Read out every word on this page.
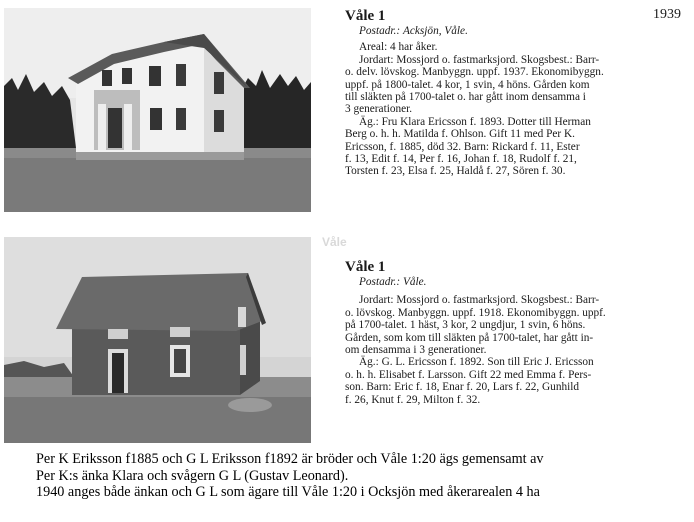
Våle
Våle 1	1939
Postadr.: Acksjön, Våle.
Areal: 4 har åker.
Jordart: Mossjord o. fastmarksjord. Skogsbest.: Barr-
o. delv. lövskog. Manbyggn. uppf. 1937. Ekonomibyggn.
uppf. på 1800-talet. 4 kor, 1 svin, 4 höns. Gården kom
till släkten på 1700-talet o. har gått inom densamma i
3 generationer.
Äg.: Fru Klara Ericsson f. 1893. Dotter till Herman
Berg o. h. h. Matilda f. Ohlson. Gift 11 med Per K.
Ericsson, f. 1885, död 32. Barn: Rickard f. 11, Ester
f. 13, Edit f. 14, Per f. 16, Johan f. 18, Rudolf f. 21,
Torsten f. 23, Elsa f. 25, Haldå f. 27, Sören f. 30.
Våle 1
Postadr.: Våle.
Jordart: Mossjord o. fastmarksjord. Skogsbest.: Barr-
o. lövskog. Manbyggn. uppf. 1918. Ekonomibyggn. uppf.
på 1700-talet. 1 häst, 3 kor, 2 ungdjur, 1 svin, 6 höns.
Gården, som kom till släkten på 1700-talet, har gått in-
om densamma i 3 generationer.
Äg.: G. L. Ericsson f. 1892. Son till Eric J. Ericsson
o. h. h. Elisabet f. Larsson. Gift 22 med Emma f. Pers-
son. Barn: Eric f. 18, Enar f. 20, Lars f. 22, Gunhild
f. 26, Knut f. 29, Milton f. 32.
Per K Eriksson f1885 och G L Eriksson f1892 är bröder och Våle 1:20 ägs gemensamt av
Per K:s änka Klara och svågern G L (Gustav Leonard).
1940 anges både änkan och G L som ägare till Våle 1:20 i Ocksjön med åkerarealen 4 ha
